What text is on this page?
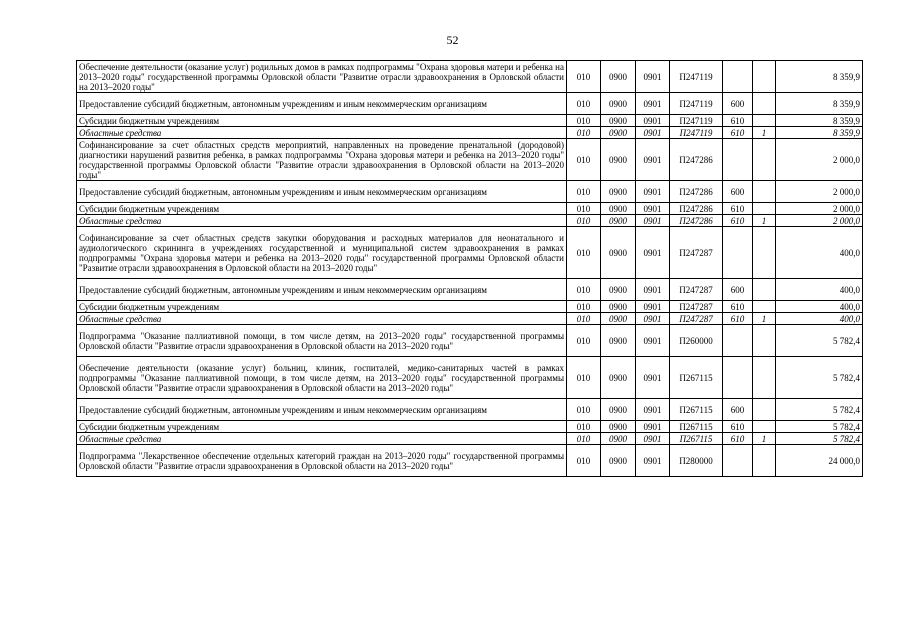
52
Обеспечение деятельности (оказание услуг) родильных домов в рамках подпрограммы "Охрана здоровья матери и ребенка на 2013–2020 годы" государственной программы Орловской области "Развитие отрасли здравоохранения в Орловской области на 2013–2020 годы"	010	0900	0901	П247119			8 359,9
Предоставление субсидий бюджетным, автономным учреждениям и иным некоммерческим организациям	010	0900	0901	П247119	600		8 359,9
Субсидии бюджетным учреждениям	010	0900	0901	П247119	610		8 359,9
Областные средства	010	0900	0901	П247119	610	1	8 359,9
Софинансирование за счет областных средств мероприятий, направленных на проведение пренатальной (дородовой) диагностики нарушений развития ребенка, в рамках подпрограммы "Охрана здоровья матери и ребенка на 2013–2020 годы" государственной программы Орловской области "Развитие отрасли здравоохранения в Орловской области на 2013–2020 годы"	010	0900	0901	П247286			2 000,0
Предоставление субсидий бюджетным, автономным учреждениям и иным некоммерческим организациям	010	0900	0901	П247286	600		2 000,0
Субсидии бюджетным учреждениям	010	0900	0901	П247286	610		2 000,0
Областные средства	010	0900	0901	П247286	610	1	2 000,0
Софинансирование за счет областных средств закупки оборудования и расходных материалов для неонатального и аудиологического скрининга в учреждениях государственной и муниципальной систем здравоохранения в рамках подпрограммы "Охрана здоровья матери и ребенка на 2013–2020 годы" государственной программы Орловской области "Развитие отрасли здравоохранения в Орловской области на 2013–2020 годы"	010	0900	0901	П247287			400,0
Предоставление субсидий бюджетным, автономным учреждениям и иным некоммерческим организациям	010	0900	0901	П247287	600		400,0
Субсидии бюджетным учреждениям	010	0900	0901	П247287	610		400,0
Областные средства	010	0900	0901	П247287	610	1	400,0
Подпрограмма "Оказание паллиативной помощи, в том числе детям, на 2013–2020 годы" государственной программы Орловской области "Развитие отрасли здравоохранения в Орловской области на 2013–2020 годы"	010	0900	0901	П260000			5 782,4
Обеспечение деятельности (оказание услуг) больниц, клиник, госпиталей, медико-санитарных частей в рамках подпрограммы "Оказание паллиативной помощи, в том числе детям, на 2013–2020 годы" государственной программы Орловской области "Развитие отрасли здравоохранения в Орловской области на 2013–2020 годы"	010	0900	0901	П267115			5 782,4
Предоставление субсидий бюджетным, автономным учреждениям и иным некоммерческим организациям	010	0900	0901	П267115	600		5 782,4
Субсидии бюджетным учреждениям	010	0900	0901	П267115	610		5 782,4
Областные средства	010	0900	0901	П267115	610	1	5 782,4
Подпрограмма "Лекарственное обеспечение отдельных категорий граждан на 2013–2020 годы" государственной программы Орловской области "Развитие отрасли здравоохранения в Орловской области на 2013–2020 годы"	010	0900	0901	П280000			24 000,0
